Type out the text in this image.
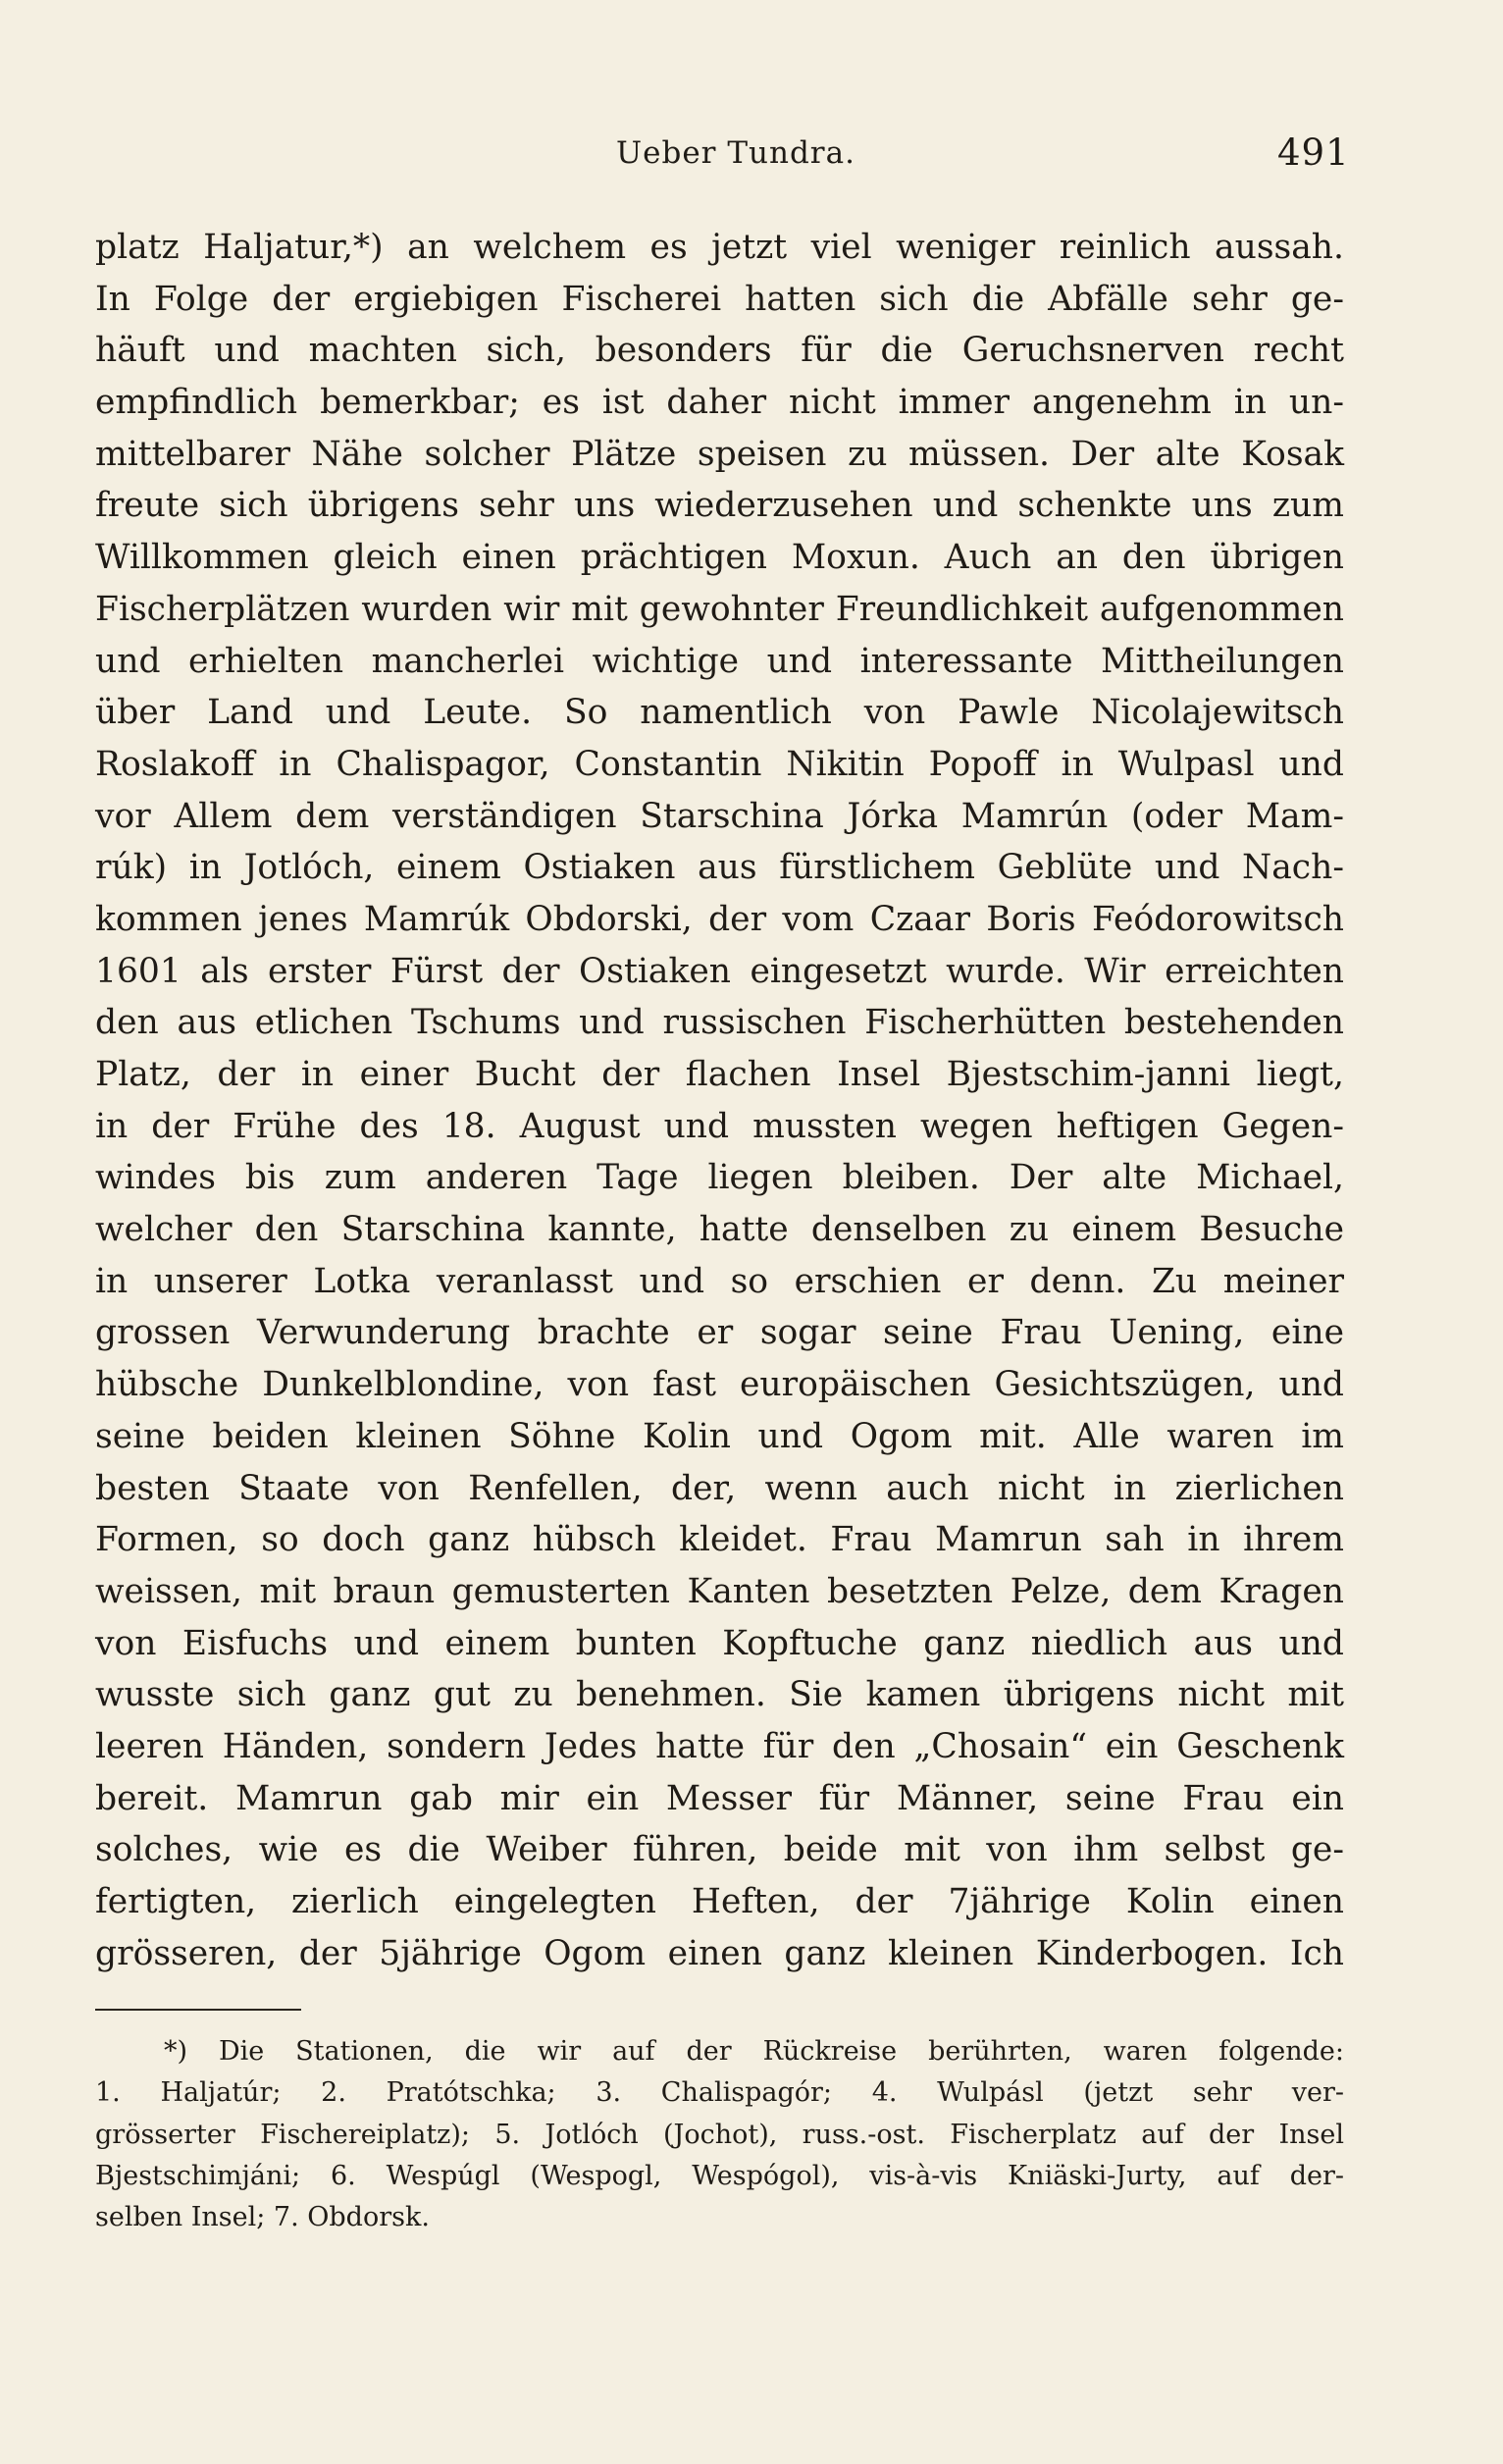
Ueber Tundra.	491
platz Haljatur,*) an welchem es jetzt viel weniger reinlich aussah.
In Folge der ergiebigen Fischerei hatten sich die Abfälle sehr ge-
häuft und machten sich, besonders für die Geruchsnerven recht
empfindlich bemerkbar; es ist daher nicht immer angenehm in un-
mittelbarer Nähe solcher Plätze speisen zu müssen. Der alte Kosak
freute sich übrigens sehr uns wiederzusehen und schenkte uns zum
Willkommen gleich einen prächtigen Moxun. Auch an den übrigen
Fischerplätzen wurden wir mit gewohnter Freundlichkeit aufgenommen
und erhielten mancherlei wichtige und interessante Mittheilungen
über Land und Leute. So namentlich von Pawle Nicolajewitsch
Roslakoff in Chalispagor, Constantin Nikitin Popoff in Wulpasl und
vor Allem dem verständigen Starschina Jórka Mamrún (oder Mam-
rúk) in Jotlóch, einem Ostiaken aus fürstlichem Geblüte und Nach-
kommen jenes Mamrúk Obdorski, der vom Czaar Boris Feódorowitsch
1601 als erster Fürst der Ostiaken eingesetzt wurde. Wir erreichten
den aus etlichen Tschums und russischen Fischerhütten bestehenden
Platz, der in einer Bucht der flachen Insel Bjestschim-janni liegt,
in der Frühe des 18. August und mussten wegen heftigen Gegen-
windes bis zum anderen Tage liegen bleiben. Der alte Michael,
welcher den Starschina kannte, hatte denselben zu einem Besuche
in unserer Lotka veranlasst und so erschien er denn. Zu meiner
grossen Verwunderung brachte er sogar seine Frau Uening, eine
hübsche Dunkelblondine, von fast europäischen Gesichtszügen, und
seine beiden kleinen Söhne Kolin und Ogom mit. Alle waren im
besten Staate von Renfellen, der, wenn auch nicht in zierlichen
Formen, so doch ganz hübsch kleidet. Frau Mamrun sah in ihrem
weissen, mit braun gemusterten Kanten besetzten Pelze, dem Kragen
von Eisfuchs und einem bunten Kopftuche ganz niedlich aus und
wusste sich ganz gut zu benehmen. Sie kamen übrigens nicht mit
leeren Händen, sondern Jedes hatte für den „Chosain“ ein Geschenk
bereit. Mamrun gab mir ein Messer für Männer, seine Frau ein
solches, wie es die Weiber führen, beide mit von ihm selbst ge-
fertigten, zierlich eingelegten Heften, der 7jährige Kolin einen
grösseren, der 5jährige Ogom einen ganz kleinen Kinderbogen. Ich
*) Die Stationen, die wir auf der Rückreise berührten, waren folgende:
1. Haljatúr; 2. Pratótschka; 3. Chalispagór; 4. Wulpásl (jetzt sehr ver-
grösserter Fischereiplatz); 5. Jotlóch (Jochot), russ.-ost. Fischerplatz auf der Insel
Bjestschimjáni; 6. Wespúgl (Wespogl, Wespógol), vis-à-vis Kniäski-Jurty, auf der-
selben Insel; 7. Obdorsk.
